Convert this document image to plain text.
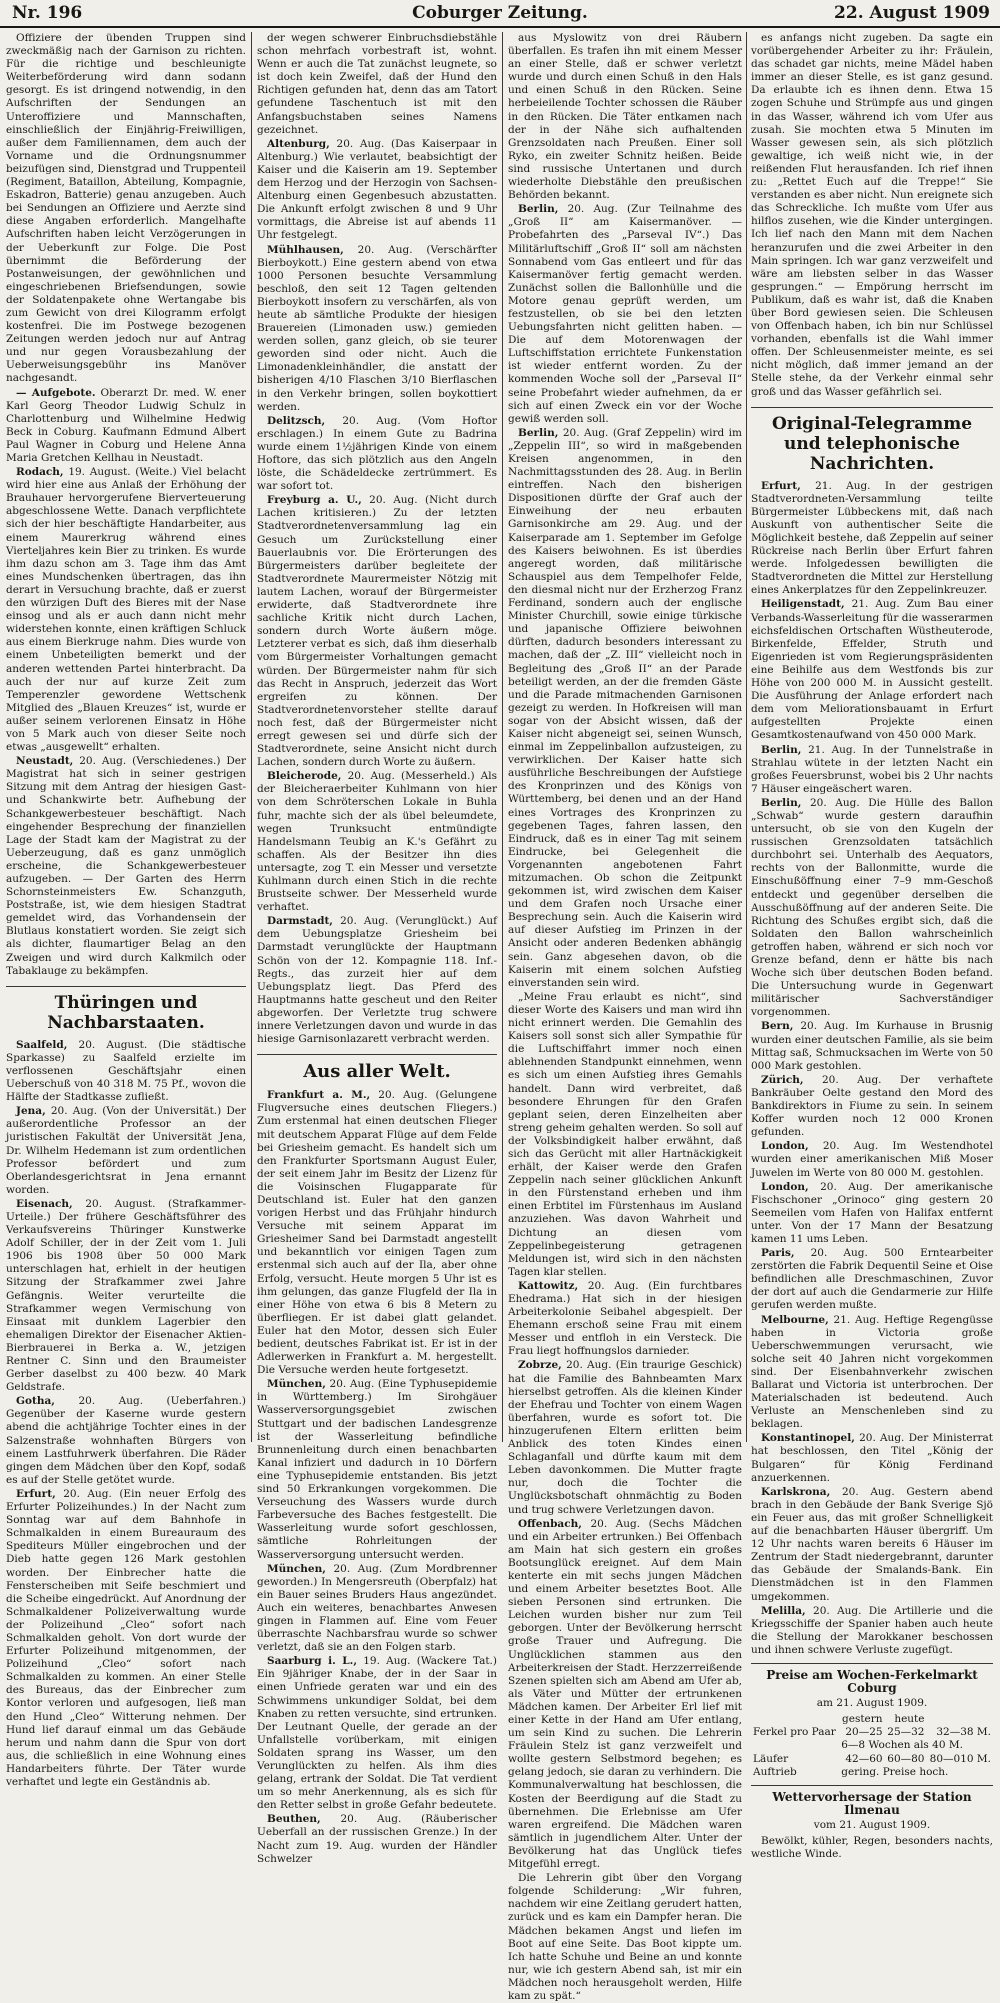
Nr. 196	Coburger Zeitung.	22. August 1909

Offiziere der übenden Truppen sind zweckmäßig nach der Garnison zu richten. Für die richtige und beschleunigte Weiterbeförderung wird dann sodann gesorgt. Es ist dringend notwendig, in den Aufschriften der Sendungen an Unteroffiziere und Mannschaften, einschließlich der Einjährig-Freiwilligen, außer dem Familiennamen, dem auch der Vorname und die Ordnungsnummer beizufügen sind, Dienstgrad und Truppenteil (Regiment, Bataillon, Abteilung, Kompagnie, Eskadron, Batterie) genau anzugeben. Auch bei Sendungen an Offiziere und Aerzte sind diese Angaben erforderlich. Mangelhafte Aufschriften haben leicht Verzögerungen in der Ueberkunft zur Folge. Die Post übernimmt die Beförderung der Postanweisungen, der gewöhnlichen und eingeschriebenen Briefsendungen, sowie der Soldatenpakete ohne Wertangabe bis zum Gewicht von drei Kilogramm erfolgt kostenfrei. Die im Postwege bezogenen Zeitungen werden jedoch nur auf Antrag und nur gegen Vorausbezahlung der Ueberweisungsgebühr ins Manöver nachgesandt.

— Aufgebote. Oberarzt Dr. med. W. ener Karl Georg Theodor Ludwig Schulz in Charlottenburg und Wilhelmine Hedwig Beck in Coburg. Kaufmann Edmund Albert Paul Wagner in Coburg und Helene Anna Maria Gretchen Kellhau in Neustadt.

Rodach, 19. August. (Weite.) Viel belacht wird hier eine aus Anlaß der Erhöhung der Brauhauer hervorgerufene Bierverteuerung abgeschlossene Wette. Danach verpflichtete sich der hier beschäftigte Handarbeiter, aus einem Maurerkrug während eines Vierteljahres kein Bier zu trinken. Es wurde ihm dazu schon am 3. Tage ihm das Amt eines Mundschenken übertragen, das ihn derart in Versuchung brachte, daß er zuerst den würzigen Duft des Bieres mit der Nase einsog und als er auch dann nicht mehr widerstehen konnte, einen kräftigen Schluck aus einem Bierkruge nahm. Dies wurde von einem Unbeteiligten bemerkt und der anderen wettenden Partei hinterbracht. Da auch der nur auf kurze Zeit zum Temperenzler gewordene Wettschenk Mitglied des „Blauen Kreuzes“ ist, wurde er außer seinem verlorenen Einsatz in Höhe von 5 Mark auch von dieser Seite noch etwas „ausgewellt“ erhalten.

Neustadt, 20. Aug. (Verschiedenes.) Der Magistrat hat sich in seiner gestrigen Sitzung mit dem Antrag der hiesigen Gast- und Schankwirte betr. Aufhebung der Schankgewerbesteuer beschäftigt. Nach eingehender Besprechung der finanziellen Lage der Stadt kam der Magistrat zu der Ueberzeugung, daß es ganz unmöglich erscheine, die Schankgewerbesteuer aufzugeben. — Der Garten des Herrn Schornsteinmeisters Ew. Schanzguth, Poststraße, ist, wie dem hiesigen Stadtrat gemeldet wird, das Vorhandensein der Blutlaus konstatiert worden. Sie zeigt sich als dichter, flaumartiger Belag an den Zweigen und wird durch Kalkmilch oder Tabaklauge zu bekämpfen.

Thüringen und Nachbarstaaten.

Saalfeld, 20. August. (Die städtische Sparkasse) zu Saalfeld erzielte im verflossenen Geschäftsjahr einen Ueberschuß von 40 318 M. 75 Pf., wovon die Hälfte der Stadtkasse zufließt.

Jena, 20. Aug. (Von der Universität.) Der außerordentliche Professor an der juristischen Fakultät der Universität Jena, Dr. Wilhelm Hedemann ist zum ordentlichen Professor befördert und zum Oberlandesgerichtsrat in Jena ernannt worden.

Eisenach, 20. August. (Strafkammer-Urteile.) Der frühere Geschäftsführer des Verkaufsvereins Thüringer Kunstwerke Adolf Schiller, der in der Zeit vom 1. Juli 1906 bis 1908 über 50 000 Mark unterschlagen hat, erhielt in der heutigen Sitzung der Strafkammer zwei Jahre Gefängnis. Weiter verurteilte die Strafkammer wegen Vermischung von Einsaat mit dunklem Lagerbier den ehemaligen Direktor der Eisenacher Aktien-Bierbrauerei in Berka a. W., jetzigen Rentner C. Sinn und den Braumeister Gerber daselbst zu 400 bezw. 40 Mark Geldstrafe.

Gotha, 20. Aug. (Ueberfahren.) Gegenüber der Kaserne wurde gestern abend die achtjährige Tochter eines in der Salzenstraße wohnhaften Bürgers von einem Lastfuhrwerk überfahren. Die Räder gingen dem Mädchen über den Kopf, sodaß es auf der Stelle getötet wurde.

Erfurt, 20. Aug. (Ein neuer Erfolg des Erfurter Polizeihundes.) In der Nacht zum Sonntag war auf dem Bahnhofe in Schmalkalden in einem Bureauraum des Spediteurs Müller eingebrochen und der Dieb hatte gegen 126 Mark gestohlen worden. Der Einbrecher hatte die Fensterscheiben mit Seife beschmiert und die Scheibe eingedrückt. Auf Anordnung der Schmalkaldener Polizeiverwaltung wurde der Polizeihund „Cleo“ sofort nach Schmalkalden geholt. Von dort wurde der Erfurter Polizeihund mitgenommen, der Polizeihund „Cleo“ sofort nach Schmalkalden zu kommen. An einer Stelle des Bureaus, das der Einbrecher zum Kontor verloren und aufgesogen, ließ man den Hund „Cleo“ Witterung nehmen. Der Hund lief darauf einmal um das Gebäude herum und nahm dann die Spur von dort aus, die schließlich in eine Wohnung eines Handarbeiters führte. Der Täter wurde verhaftet und legte ein Geständnis ab.

der wegen schwerer Einbruchsdiebstähle schon mehrfach vorbestraft ist, wohnt. Wenn er auch die Tat zunächst leugnete, so ist doch kein Zweifel, daß der Hund den Richtigen gefunden hat, denn das am Tatort gefundene Taschentuch ist mit den Anfangsbuchstaben seines Namens gezeichnet.

Altenburg, 20. Aug. (Das Kaiserpaar in Altenburg.) Wie verlautet, beabsichtigt der Kaiser und die Kaiserin am 19. September dem Herzog und der Herzogin von Sachsen-Altenburg einen Gegenbesuch abzustatten. Die Ankunft erfolgt zwischen 8 und 9 Uhr vormittags, die Abreise ist auf abends 11 Uhr festgelegt.

Mühlhausen, 20. Aug. (Verschärfter Bierboykott.) Eine gestern abend von etwa 1000 Personen besuchte Versammlung beschloß, den seit 12 Tagen geltenden Bierboykott insofern zu verschärfen, als von heute ab sämtliche Produkte der hiesigen Brauereien (Limonaden usw.) gemieden werden sollen, ganz gleich, ob sie teurer geworden sind oder nicht. Auch die Limonadenkleinhändler, die anstatt der bisherigen 4/10 Flaschen 3/10 Bierflaschen in den Verkehr bringen, sollen boykottiert werden.

Delitzsch, 20. Aug. (Vom Hoftor erschlagen.) In einem Gute zu Badrina wurde einem 1½jährigen Kinde von einem Hoftore, das sich plötzlich aus den Angeln löste, die Schädeldecke zertrümmert. Es war sofort tot.

Freyburg a. U., 20. Aug. (Nicht durch Lachen kritisieren.) Zu der letzten Stadtverordnetenversammlung lag ein Gesuch um Zurückstellung einer Bauerlaubnis vor. Die Erörterungen des Bürgermeisters darüber begleitete der Stadtverordnete Maurermeister Nötzig mit lautem Lachen, worauf der Bürgermeister erwiderte, daß Stadtverordnete ihre sachliche Kritik nicht durch Lachen, sondern durch Worte äußern möge. Letzterer verbat es sich, daß ihm dieserhalb vom Bürgermeister Vorhaltungen gemacht würden. Der Bürgermeister nahm für sich das Recht in Anspruch, jederzeit das Wort ergreifen zu können. Der Stadtverordnetenvorsteher stellte darauf noch fest, daß der Bürgermeister nicht erregt gewesen sei und dürfe sich der Stadtverordnete, seine Ansicht nicht durch Lachen, sondern durch Worte zu äußern.

Bleicherode, 20. Aug. (Messerheld.) Als der Bleicheraerbeiter Kuhlmann von hier von dem Schröterschen Lokale in Buhla fuhr, machte sich der als übel beleumdete, wegen Trunksucht entmündigte Handelsmann Teubig an K.'s Gefährt zu schaffen. Als der Besitzer ihn dies untersagte, zog T. ein Messer und versetzte Kuhlmann durch einen Stich in die rechte Brustseite schwer. Der Messerheld wurde verhaftet.

Darmstadt, 20. Aug. (Verunglückt.) Auf dem Uebungsplatze Griesheim bei Darmstadt verunglückte der Hauptmann Schön von der 12. Kompagnie 118. Inf.-Regts., das zurzeit hier auf dem Uebungsplatz liegt. Das Pferd des Hauptmanns hatte gescheut und den Reiter abgeworfen. Der Verletzte trug schwere innere Verletzungen davon und wurde in das hiesige Garnisonlazarett verbracht werden.

Aus aller Welt.

Frankfurt a. M., 20. Aug. (Gelungene Flugversuche eines deutschen Fliegers.) Zum erstenmal hat einen deutschen Flieger mit deutschem Apparat Flüge auf dem Felde bei Griesheim gemacht. Es handelt sich um den Frankfurter Sportsmann August Euler, der seit einem Jahr im Besitz der Lizenz für die Voisinschen Flugapparate für Deutschland ist. Euler hat den ganzen vorigen Herbst und das Frühjahr hindurch Versuche mit seinem Apparat im Griesheimer Sand bei Darmstadt angestellt und bekanntlich vor einigen Tagen zum erstenmal sich auch auf der Ila, aber ohne Erfolg, versucht. Heute morgen 5 Uhr ist es ihm gelungen, das ganze Flugfeld der Ila in einer Höhe von etwa 6 bis 8 Metern zu überfliegen. Er ist dabei glatt gelandet. Euler hat den Motor, dessen sich Euler bedient, deutsches Fabrikat ist. Er ist in der Adlerwerken in Frankfurt a. M. hergestellt. Die Versuche werden heute fortgesetzt.

München, 20. Aug. (Eine Typhusepidemie in Württemberg.) Im Sirohgäuer Wasserversorgungsgebiet zwischen Stuttgart und der badischen Landesgrenze ist der Wasserleitung befindliche Brunnenleitung durch einen benachbarten Kanal infiziert und dadurch in 10 Dörfern eine Typhusepidemie entstanden. Bis jetzt sind 50 Erkrankungen vorgekommen. Die Verseuchung des Wassers wurde durch Farbeversuche des Baches festgestellt. Die Wasserleitung wurde sofort geschlossen, sämtliche Rohrleitungen der Wasserversorgung untersucht werden.

München, 20. Aug. (Zum Mordbrenner geworden.) In Mengersreuth (Oberpfalz) hat ein Bauer seines Bruders Haus angezündet. Auch ein weiteres, benachbartes Anwesen gingen in Flammen auf. Eine vom Feuer überraschte Nachbarsfrau wurde so schwer verletzt, daß sie an den Folgen starb.

Saarburg i. L., 19. Aug. (Wackere Tat.) Ein 9jähriger Knabe, der in der Saar in einen Unfriede geraten war und ein des Schwimmens unkundiger Soldat, bei dem Knaben zu retten versuchte, sind ertrunken. Der Leutnant Quelle, der gerade an der Unfallstelle vorüberkam, mit einigen Soldaten sprang ins Wasser, um den Verunglückten zu helfen. Als ihm dies gelang, ertrank der Soldat. Die Tat verdient um so mehr Anerkennung, als es sich für den Retter selbst in große Gefahr bedeutete.

Beuthen, 20. Aug. (Räuberischer Ueberfall an der russischen Grenze.) In der Nacht zum 19. Aug. wurden der Händler Schwelzer

aus Myslowitz von drei Räubern überfallen. Es trafen ihn mit einem Messer an einer Stelle, daß er schwer verletzt wurde und durch einen Schuß in den Hals und einen Schuß in den Rücken. Seine herbeieilende Tochter schossen die Räuber in den Rücken. Die Täter entkamen nach der in der Nähe sich aufhaltenden Grenzsoldaten nach Preußen. Einer soll Ryko, ein zweiter Schnitz heißen. Beide sind russische Untertanen und durch wiederholte Diebstähle den preußischen Behörden bekannt.

Berlin, 20. Aug. (Zur Teilnahme des „Groß II“ am Kaisermanöver. — Probefahrten des „Parseval IV“.) Das Militärluftschiff „Groß II“ soll am nächsten Sonnabend vom Gas entleert und für das Kaisermanöver fertig gemacht werden. Zunächst sollen die Ballonhülle und die Motore genau geprüft werden, um festzustellen, ob sie bei den letzten Uebungsfahrten nicht gelitten haben. — Die auf dem Motorenwagen der Luftschiffstation errichtete Funkenstation ist wieder entfernt worden. Zu der kommenden Woche soll der „Parseval II“ seine Probefahrt wieder aufnehmen, da er sich auf einen Zweck ein vor der Woche gewiß werden soll.

Berlin, 20. Aug. (Graf Zeppelin) wird im „Zeppelin III“, so wird in maßgebenden Kreisen angenommen, in den Nachmittagsstunden des 28. Aug. in Berlin eintreffen. Nach den bisherigen Dispositionen dürfte der Graf auch der Einweihung der neu erbauten Garnisonkirche am 29. Aug. und der Kaiserparade am 1. September im Gefolge des Kaisers beiwohnen. Es ist überdies angeregt worden, daß militärische Schauspiel aus dem Tempelhofer Felde, den diesmal nicht nur der Erzherzog Franz Ferdinand, sondern auch der englische Minister Churchill, sowie einige türkische und japanische Offiziere beiwohnen dürften, dadurch besonders interessant zu machen, daß der „Z. III“ vielleicht noch in Begleitung des „Groß II“ an der Parade beteiligt werden, an der die fremden Gäste und die Parade mitmachenden Garnisonen gezeigt zu werden. In Hofkreisen will man sogar von der Absicht wissen, daß der Kaiser nicht abgeneigt sei, seinen Wunsch, einmal im Zeppelinballon aufzusteigen, zu verwirklichen. Der Kaiser hatte sich ausführliche Beschreibungen der Aufstiege des Kronprinzen und des Königs von Württemberg, bei denen und an der Hand eines Vortrages des Kronprinzen zu gegebenen Tages, fahren lassen, den Eindruck, daß es in einer Tag mit seinem Eindrucke, bei Gelegenheit die Vorgenannten angebotenen Fahrt mitzumachen. Ob schon die Zeitpunkt gekommen ist, wird zwischen dem Kaiser und dem Grafen noch Ursache einer Besprechung sein. Auch die Kaiserin wird auf dieser Aufstieg im Prinzen in der Ansicht oder anderen Bedenken abhängig sein. Ganz abgesehen davon, ob die Kaiserin mit einem solchen Aufstieg einverstanden sein wird.

„Meine Frau erlaubt es nicht“, sind dieser Worte des Kaisers und man wird ihn nicht erinnert werden. Die Gemahlin des Kaisers soll sonst sich aller Sympathie für die Luftschiffahrt immer noch einen ablehnenden Standpunkt einnehmen, wenn es sich um einen Aufstieg ihres Gemahls handelt. Dann wird verbreitet, daß besondere Ehrungen für den Grafen geplant seien, deren Einzelheiten aber streng geheim gehalten werden. So soll auf der Volksbindigkeit halber erwähnt, daß sich das Gerücht mit aller Hartnäckigkeit erhält, der Kaiser werde den Grafen Zeppelin nach seiner glücklichen Ankunft in den Fürstenstand erheben und ihm einen Erbtitel im Fürstenhaus im Ausland anzuziehen. Was davon Wahrheit und Dichtung an diesen vom Zeppelinbegeisterung getragenen Meldungen ist, wird sich in den nächsten Tagen klar stellen.

Kattowitz, 20. Aug. (Ein furchtbares Ehedrama.) Hat sich in der hiesigen Arbeiterkolonie Seibahel abgespielt. Der Ehemann erschoß seine Frau mit einem Messer und entfloh in ein Versteck. Die Frau liegt hoffnungslos darnieder.

Zobrze, 20. Aug. (Ein traurige Geschick) hat die Familie des Bahnbeamten Marx hierselbst getroffen. Als die kleinen Kinder der Ehefrau und Tochter von einem Wagen überfahren, wurde es sofort tot. Die hinzugerufenen Eltern erlitten beim Anblick des toten Kindes einen Schlaganfall und dürfte kaum mit dem Leben davonkommen. Die Mutter fragte nur, doch die Tochter die Unglücksbotschaft ohnmächtig zu Boden und trug schwere Verletzungen davon.

Offenbach, 20. Aug. (Sechs Mädchen und ein Arbeiter ertrunken.) Bei Offenbach am Main hat sich gestern ein großes Bootsunglück ereignet. Auf dem Main kenterte ein mit sechs jungen Mädchen und einem Arbeiter besetztes Boot. Alle sieben Personen sind ertrunken. Die Leichen wurden bisher nur zum Teil geborgen. Unter der Bevölkerung herrscht große Trauer und Aufregung. Die Unglücklichen stammen aus den Arbeiterkreisen der Stadt. Herzzerreißende Szenen spielten sich am Abend am Ufer ab, als Väter und Mütter der ertrunkenen Mädchen kamen. Der Arbeiter Erl lief mit einer Kette in der Hand am Ufer entlang, um sein Kind zu suchen. Die Lehrerin Fräulein Stelz ist ganz verzweifelt und wollte gestern Selbstmord begehen; es gelang jedoch, sie daran zu verhindern. Die Kommunalverwaltung hat beschlossen, die Kosten der Beerdigung auf die Stadt zu übernehmen. Die Erlebnisse am Ufer waren ergreifend. Die Mädchen waren sämtlich in jugendlichem Alter. Unter der Bevölkerung hat das Unglück tiefes Mitgefühl erregt.

Die Lehrerin gibt über den Vorgang folgende Schilderung: „Wir fuhren, nachdem wir eine Zeitlang gerudert hatten, zurück und es kam ein Dampfer heran. Die Mädchen bekamen Angst und liefen im Boot auf eine Seite. Das Boot kippte um. Ich hatte Schuhe und Beine an und konnte nur, wie ich gestern Abend sah, ist mir ein Mädchen noch herausgeholt werden, Hilfe kam zu spät.“

es anfangs nicht zugeben. Da sagte ein vorübergehender Arbeiter zu ihr: Fräulein, das schadet gar nichts, meine Mädel haben immer an dieser Stelle, es ist ganz gesund. Da erlaubte ich es ihnen denn. Etwa 15 zogen Schuhe und Strümpfe aus und gingen in das Wasser, während ich vom Ufer aus zusah. Sie mochten etwa 5 Minuten im Wasser gewesen sein, als sich plötzlich gewaltige, ich weiß nicht wie, in der reißenden Flut herausfanden. Ich rief ihnen zu: „Rettet Euch auf die Treppe!“ Sie verstanden es aber nicht. Nun ereignete sich das Schreckliche. Ich mußte vom Ufer aus hilflos zusehen, wie die Kinder untergingen. Ich lief nach den Mann mit dem Nachen heranzurufen und die zwei Arbeiter in den Main springen. Ich war ganz verzweifelt und wäre am liebsten selber in das Wasser gesprungen.“ — Empörung herrscht im Publikum, daß es wahr ist, daß die Knaben über Bord gewiesen seien. Die Schleusen von Offenbach haben, ich bin nur Schlüssel vorhanden, ebenfalls ist die Wahl immer offen. Der Schleusenmeister meinte, es sei nicht möglich, daß immer jemand an der Stelle stehe, da der Verkehr einmal sehr groß und das Wasser gefährlich sei.

Original-Telegramme und telephonische Nachrichten.

Erfurt, 21. Aug. In der gestrigen Stadtverordneten-Versammlung teilte Bürgermeister Lübbeckens mit, daß nach Auskunft von authentischer Seite die Möglichkeit bestehe, daß Zeppelin auf seiner Rückreise nach Berlin über Erfurt fahren werde. Infolgedessen bewilligten die Stadtverordneten die Mittel zur Herstellung eines Ankerplatzes für den Zeppelinkreuzer.

Heiligenstadt, 21. Aug. Zum Bau einer Verbands-Wasserleitung für die wasserarmen eichsfeldischen Ortschaften Wüstheuterode, Birkenfelde, Effelder, Struth und Eigenrieden ist vom Regierungspräsidenten eine Beihilfe aus dem Westfonds bis zur Höhe von 200 000 M. in Aussicht gestellt. Die Ausführung der Anlage erfordert nach dem vom Meliorationsbauamt in Erfurt aufgestellten Projekte einen Gesamtkostenaufwand von 450 000 Mark.

Berlin, 21. Aug. In der Tunnelstraße in Strahlau wütete in der letzten Nacht ein großes Feuersbrunst, wobei bis 2 Uhr nachts 7 Häuser eingeäschert waren.

Berlin, 20. Aug. Die Hülle des Ballon „Schwab“ wurde gestern daraufhin untersucht, ob sie von den Kugeln der russischen Grenzsoldaten tatsächlich durchbohrt sei. Unterhalb des Aequators, rechts von der Ballonmitte, wurde die Einschußöffnung einer 7–9 mm-Geschoß entdeckt und gegenüber derselben die Ausschußöffnung auf der anderen Seite. Die Richtung des Schußes ergibt sich, daß die Soldaten den Ballon wahrscheinlich getroffen haben, während er sich noch vor Grenze befand, denn er hätte bis nach Woche sich über deutschen Boden befand. Die Untersuchung wurde in Gegenwart militärischer Sachverständiger vorgenommen.

Bern, 20. Aug. Im Kurhause in Brusnig wurden einer deutschen Familie, als sie beim Mittag saß, Schmucksachen im Werte von 50 000 Mark gestohlen.

Zürich, 20. Aug. Der verhaftete Bankräuber Oelte gestand den Mord des Bankdirektors in Fiume zu sein. In seinem Koffer wurden noch 12 000 Kronen gefunden.

London, 20. Aug. Im Westendhotel wurden einer amerikanischen Miß Moser Juwelen im Werte von 80 000 M. gestohlen.

London, 20. Aug. Der amerikanische Fischschoner „Orinoco“ ging gestern 20 Seemeilen vom Hafen von Halifax entfernt unter. Von der 17 Mann der Besatzung kamen 11 ums Leben.

Paris, 20. Aug. 500 Erntearbeiter zerstörten die Fabrik Dequentil Seine et Oise befindlichen alle Dreschmaschinen, Zuvor der dort auf auch die Gendarmerie zur Hilfe gerufen werden mußte.

Melbourne, 21. Aug. Heftige Regengüsse haben in Victoria große Ueberschwemmungen verursacht, wie solche seit 40 Jahren nicht vorgekommen sind. Der Eisenbahnverkehr zwischen Ballarat und Victoria ist unterbrochen. Der Materialschaden ist bedeutend. Auch Verluste an Menschenleben sind zu beklagen.

Konstantinopel, 20. Aug. Der Ministerrat hat beschlossen, den Titel „König der Bulgaren“ für König Ferdinand anzuerkennen.

Karlskrona, 20. Aug. Gestern abend brach in den Gebäude der Bank Sverige Sjö ein Feuer aus, das mit großer Schnelligkeit auf die benachbarten Häuser übergriff. Um 12 Uhr nachts waren bereits 6 Häuser im Zentrum der Stadt niedergebrannt, darunter das Gebäude der Smalands-Bank. Ein Dienstmädchen ist in den Flammen umgekommen.

Melilla, 20. Aug. Die Artillerie und die Kriegsschiffe der Spanier haben auch heute die Stellung der Marokkaner beschossen und ihnen schwere Verluste zugefügt.

Preise am Wochen-Ferkelmarkt Coburg
am 21. August 1909.
	gestern	heute	
Ferkel pro Paar	20—25	25—32	32—38 M.
	6—8 Wochen als 40 M.		
Läufer	42—60	60—80	80—010 M.
Auftrieb	gering. Preise hoch.		
Wettervorhersage der Station Ilmenau
vom 21. August 1909.

Bewölkt, kühler, Regen, besonders nachts, westliche Winde.
